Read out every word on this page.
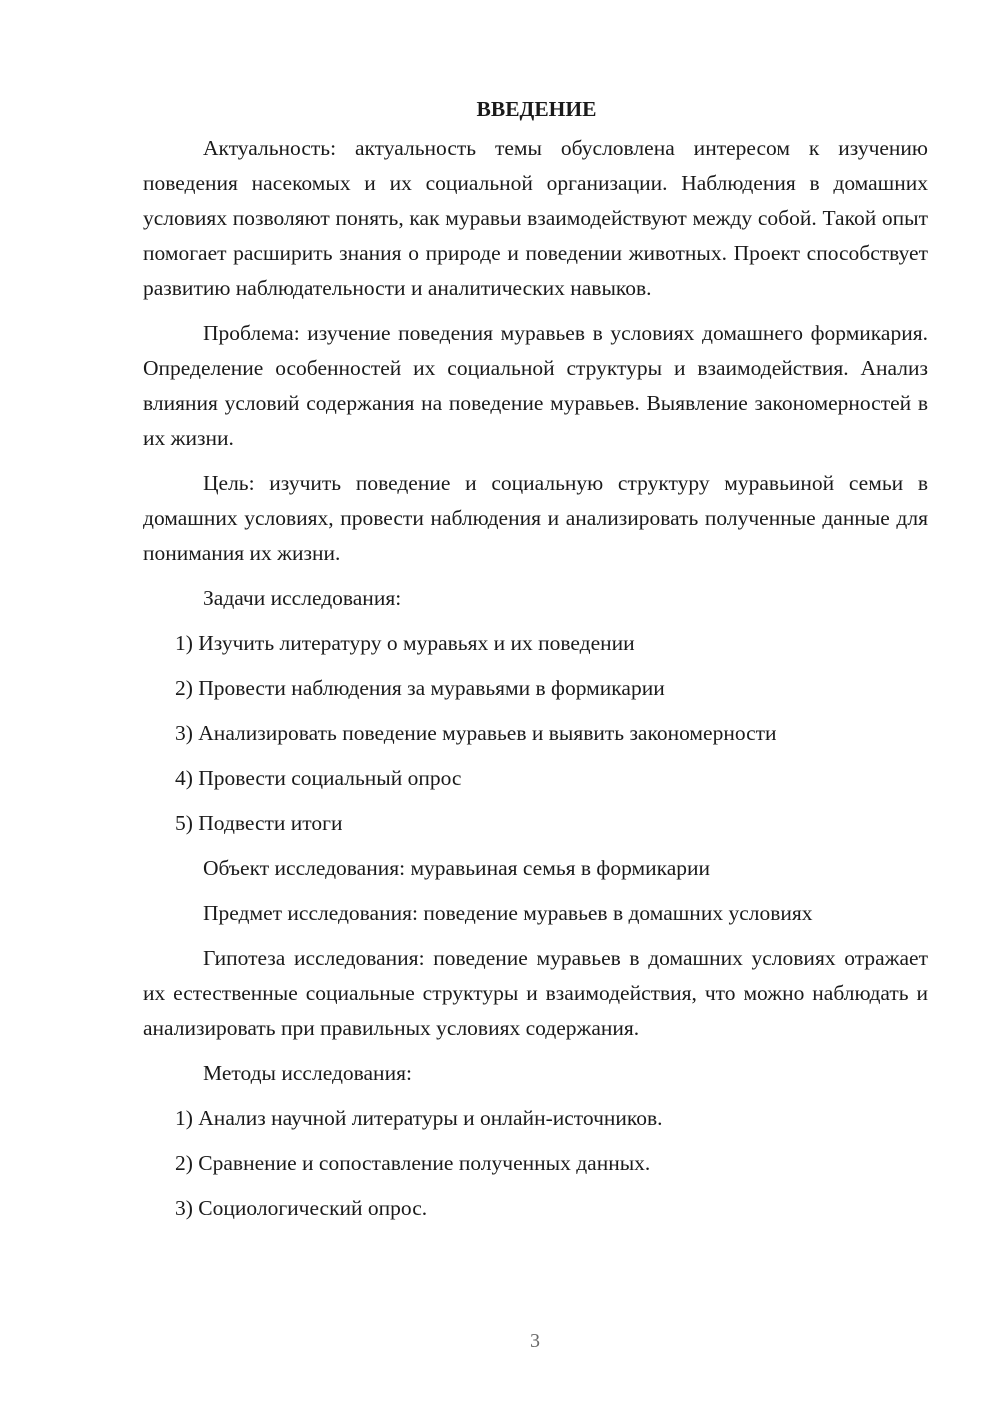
ВВЕДЕНИЕ

Актуальность: актуальность темы обусловлена интересом к изучению поведения насекомых и их социальной организации. Наблюдения в домашних условиях позволяют понять, как муравьи взаимодействуют между собой. Такой опыт помогает расширить знания о природе и поведении животных. Проект способствует развитию наблюдательности и аналитических навыков.

Проблема: изучение поведения муравьев в условиях домашнего формикария. Определение особенностей их социальной структуры и взаимодействия. Анализ влияния условий содержания на поведение муравьев. Выявление закономерностей в их жизни.

Цель: изучить поведение и социальную структуру муравьиной семьи в домашних условиях, провести наблюдения и анализировать полученные данные для понимания их жизни.

Задачи исследования:
1) Изучить литературу о муравьях и их поведении
2) Провести наблюдения за муравьями в формикарии
3) Анализировать поведение муравьев и выявить закономерности
4) Провести социальный опрос
5) Подвести итоги
Объект исследования: муравьиная семья в формикарии
Предмет исследования: поведение муравьев в домашних условиях

Гипотеза исследования: поведение муравьев в домашних условиях отражает их естественные социальные структуры и взаимодействия, что можно наблюдать и анализировать при правильных условиях содержания.

Методы исследования:
1) Анализ научной литературы и онлайн-источников.
2) Сравнение и сопоставление полученных данных.
3) Социологический опрос.
3
